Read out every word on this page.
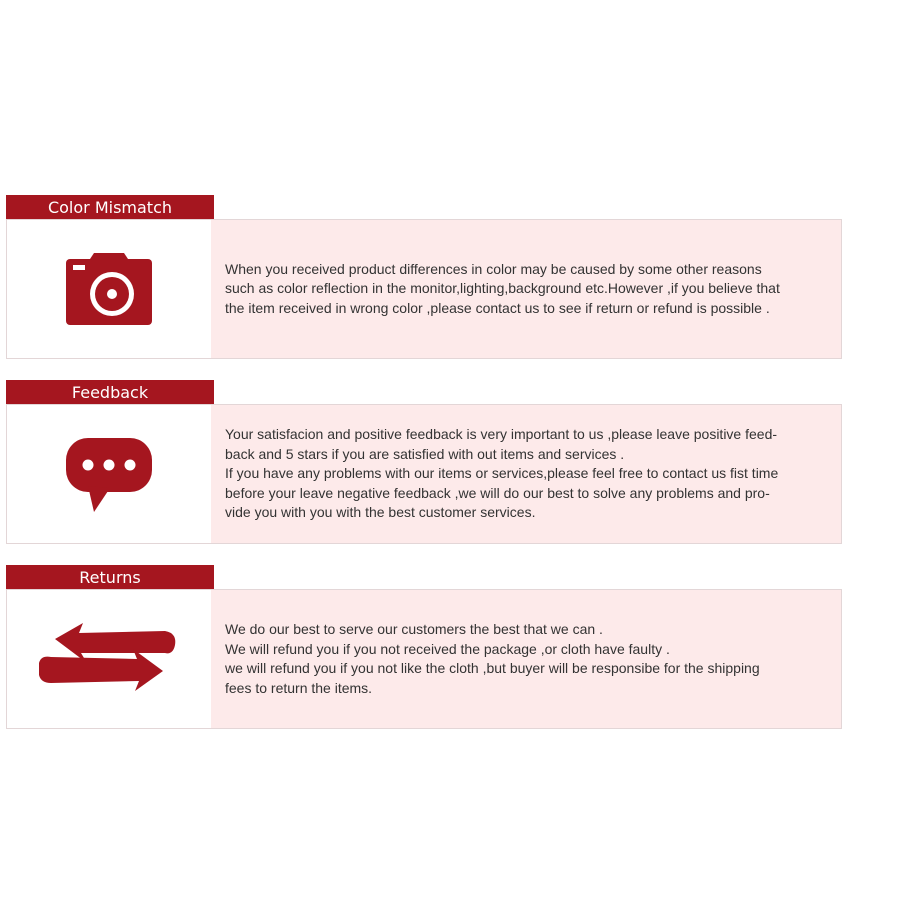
Color Mismatch
When you received product differences in color may be caused by some other reasons
such as color reflection in the monitor,lighting,background etc.However ,if you believe that
the item received in wrong color ,please contact us to see if return or refund is possible .
Feedback
Your satisfacion and positive feedback is very important to us ,please leave positive feed-
back and 5 stars if you are satisfied with out items and services .
If you have any problems with our items or services,please feel free to contact us fist time
before your leave negative feedback ,we will do our best to solve any problems and pro-
vide you with you with the best customer services.
Returns
We do our best to serve our customers the best that we can .
We will refund you if you not received the package ,or cloth have faulty .
we will refund you if you not like the cloth ,but buyer will be responsibe for the shipping
fees to return the items.
